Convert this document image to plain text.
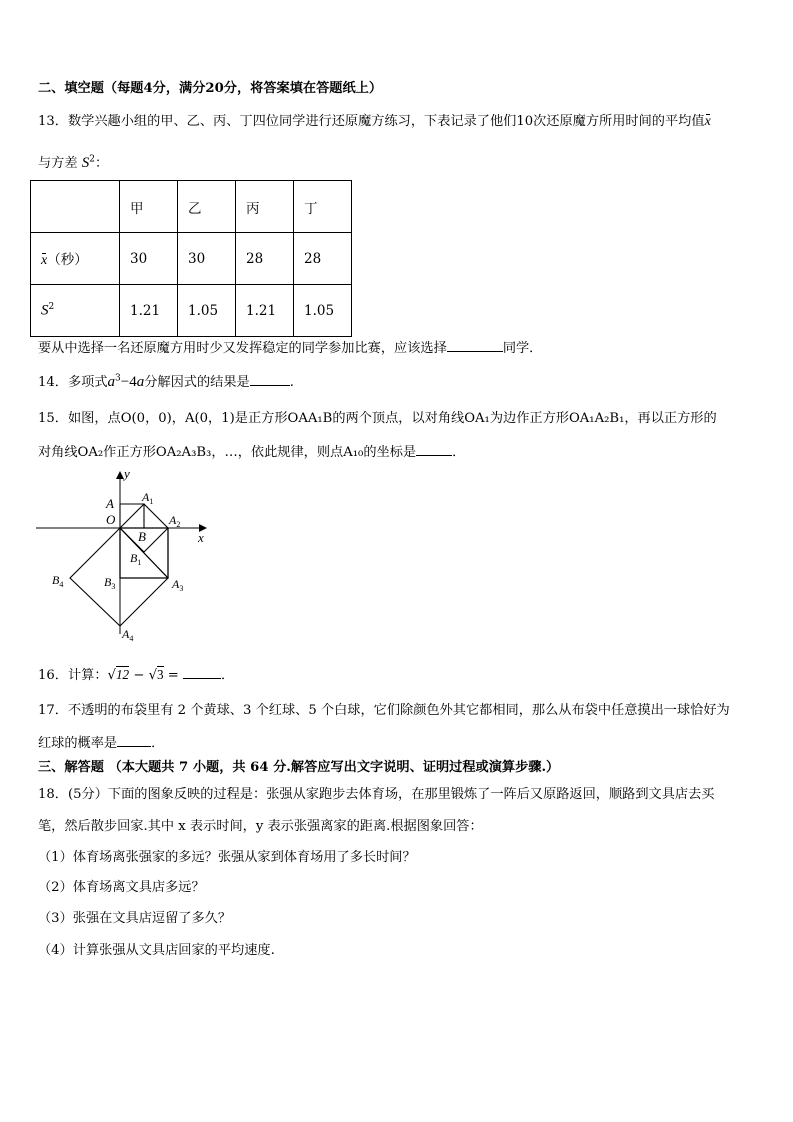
二、填空题（每题4分，满分20分，将答案填在答题纸上）
13．数学兴趣小组的甲、乙、丙、丁四位同学进行还原魔方练习，下表记录了他们10次还原魔方所用时间的平均值x
与方差 $S^2$：
	甲	乙	丙	丁
x（秒）	30	30	28	28
$S^2$	1.21	1.05	1.21	1.05
要从中选择一名还原魔方用时少又发挥稳定的同学参加比赛，应该选择	同学．
14．多项式$a^3-4a$分解因式的结果是	.
15．如图，点O(0，0)，A(0，1)是正方形OAA₁B的两个顶点，以对角线OA₁为边作正方形OA₁A₂B₁，再以正方形的
对角线OA₂作正方形OA₂A₃B₃，…，依此规律，则点A₁₀的坐标是	．
y
x
A
O
$A_1$
B
$A_2$
$B_1$
$B_3$	$A_3$
$B_4$
$A_4$
16．计算：√12 − √3 =	．
17．不透明的布袋里有 2 个黄球、3 个红球、5 个白球，它们除颜色外其它都相同，那么从布袋中任意摸出一球恰好为
红球的概率是	．
三、解答题 （本大题共 7 小题，共 64 分.解答应写出文字说明、证明过程或演算步骤.）
18．(5分）下面的图象反映的过程是：张强从家跑步去体育场，在那里锻炼了一阵后又原路返回，顺路到文具店去买
笔，然后散步回家.其中 x 表示时间，y 表示张强离家的距离.根据图象回答：
（1）体育场离张强家的多远？张强从家到体育场用了多长时间？
（2）体育场离文具店多远？
（3）张强在文具店逗留了多久？
（4）计算张强从文具店回家的平均速度.
